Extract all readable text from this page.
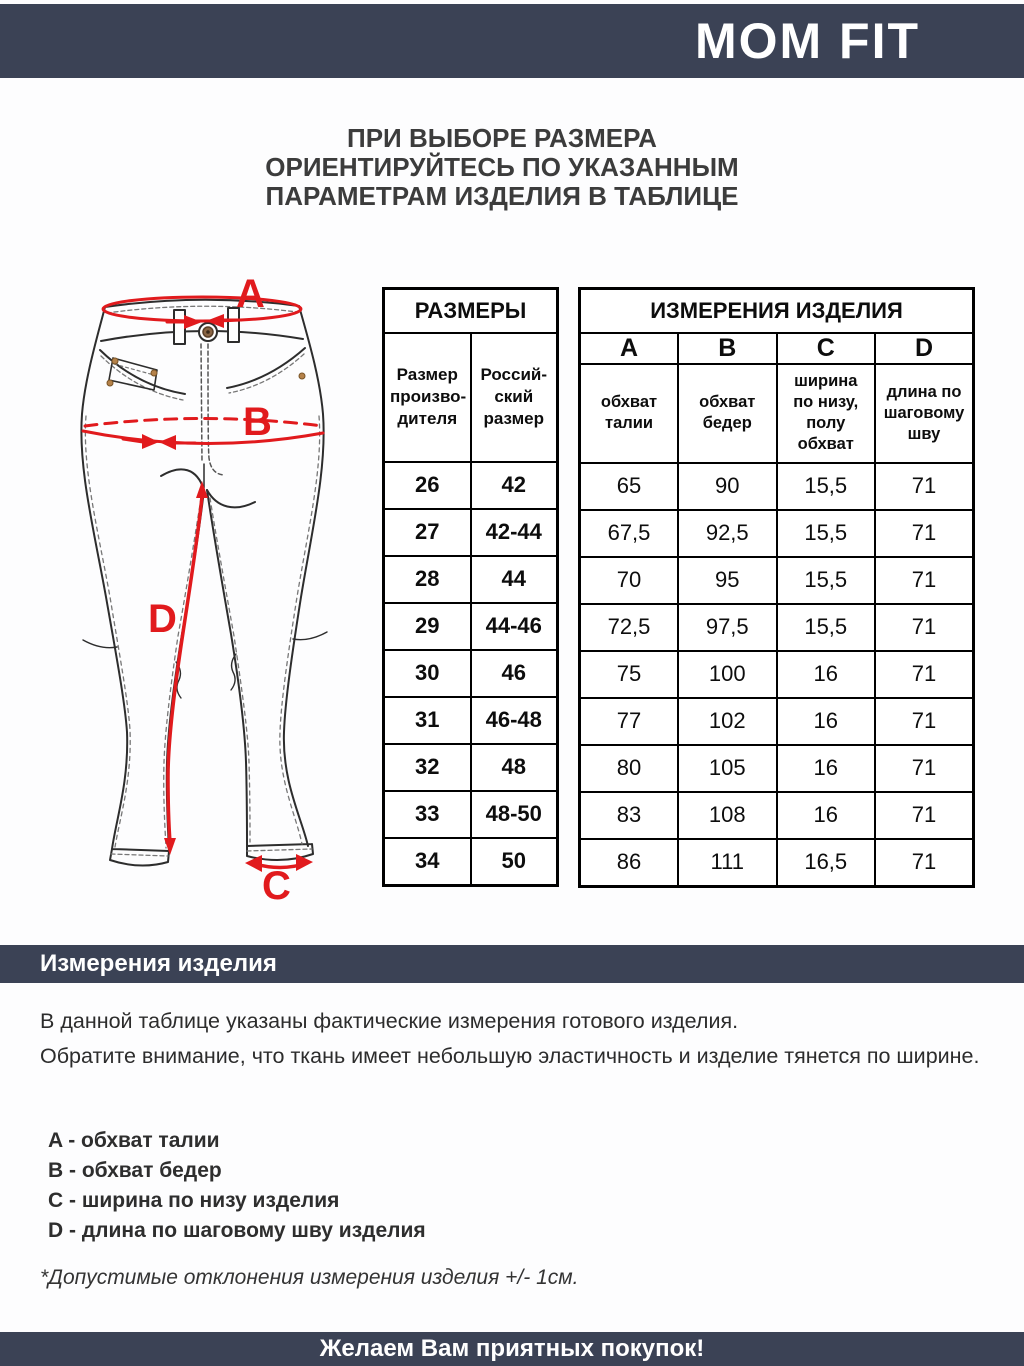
MOM FIT
ПРИ ВЫБОРЕ РАЗМЕРА
ОРИЕНТИРУЙТЕСЬ ПО УКАЗАННЫМ
ПАРАМЕТРАМ ИЗДЕЛИЯ В ТАБЛИЦЕ
A
B
D
C
РАЗМЕРЫ	
Размер произво-дителя	Россий-ский размер
26	42
27	42-44
28	44
29	44-46
30	46
31	46-48
32	48
33	48-50
34	50
ИЗМЕРЕНИЯ ИЗДЕЛИЯ			
A	B	C	D
обхват талии	обхват бедер	ширина по низу, полу обхват	длина по шаговому шву
65	90	15,5	71
67,5	92,5	15,5	71
70	95	15,5	71
72,5	97,5	15,5	71
75	100	16	71
77	102	16	71
80	105	16	71
83	108	16	71
86	111	16,5	71
Измерения изделия
В данной таблице указаны фактические измерения готового изделия.
Обратите внимание, что ткань имеет небольшую эластичность и изделие тянется по ширине.
A - обхват талии
B - обхват бедер
C - ширина по низу изделия
D - длина по шаговому шву изделия
*Допустимые отклонения измерения изделия +/- 1см.
Желаем Вам приятных покупок!
